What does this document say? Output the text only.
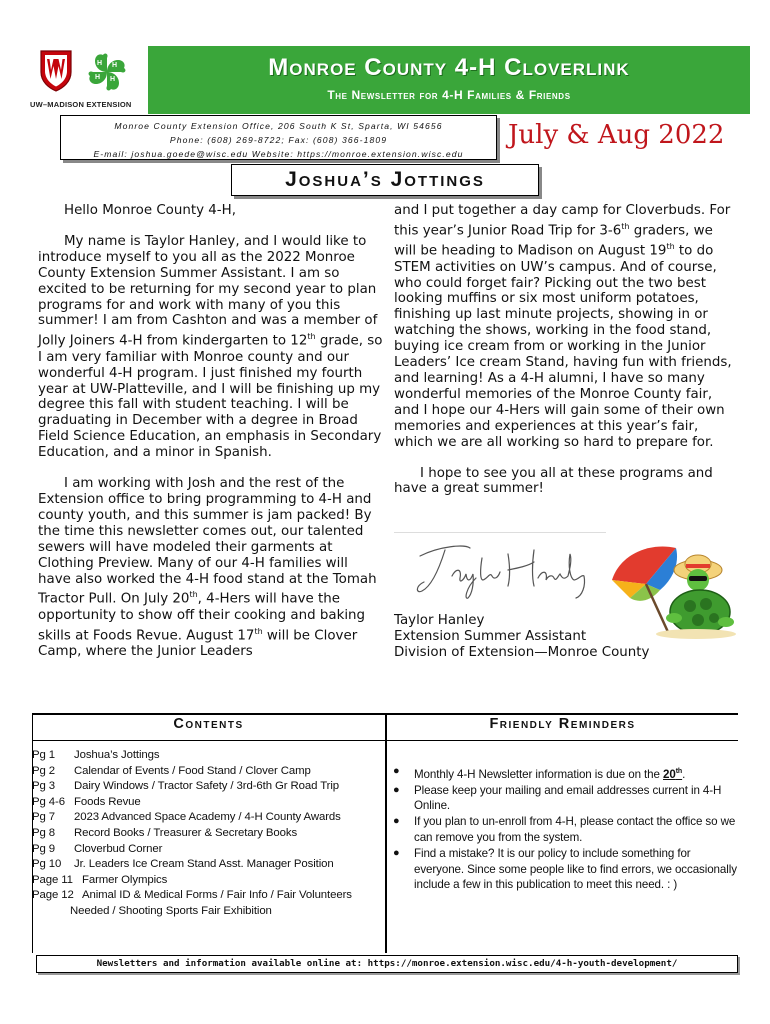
H H
H
H
UW–MADISON EXTENSION
Monroe County 4-H Cloverlink
The Newsletter for 4-H Families & Friends
Monroe County Extension Office, 206 South K St, Sparta, WI 54656
Phone: (608) 269-8722; Fax: (608) 366-1809
E-mail: joshua.goede@wisc.edu Website: https://monroe.extension.wisc.edu
July & Aug 2022
Joshua’s Jottings

Hello Monroe County 4-H,

My name is Taylor Hanley, and I would like to introduce myself to you all as the 2022 Monroe County Extension Summer Assistant. I am so excited to be returning for my second year to plan programs for and work with many of you this summer! I am from Cashton and was a member of Jolly Joiners 4-H from kindergarten to 12th grade, so I am very familiar with Monroe county and our wonderful 4-H program. I just finished my fourth year at UW-Platteville, and I will be finishing up my degree this fall with student teaching. I will be graduating in December with a degree in Broad Field Science Education, an emphasis in Secondary Education, and a minor in Spanish.

I am working with Josh and the rest of the Extension office to bring programming to 4-H and county youth, and this summer is jam packed! By the time this newsletter comes out, our talented sewers will have modeled their garments at Clothing Preview. Many of our 4-H families will have also worked the 4-H food stand at the Tomah Tractor Pull. On July 20th, 4-Hers will have the opportunity to show off their cooking and baking skills at Foods Revue. August 17th will be Clover Camp, where the Junior Leaders

and I put together a day camp for Cloverbuds. For this year’s Junior Road Trip for 3-6th graders, we will be heading to Madison on August 19th to do STEM activities on UW’s campus. And of course, who could forget fair? Picking out the two best looking muffins or six most uniform potatoes, finishing up last minute projects, showing in or watching the shows, working in the food stand, buying ice cream from or working in the Junior Leaders’ Ice cream Stand, having fun with friends, and learning! As a 4-H alumni, I have so many wonderful memories of the Monroe County fair, and I hope our 4-Hers will gain some of their own memories and experiences at this year’s fair, which we are all working so hard to prepare for.

I hope to see you all at these programs and have a great summer!

Taylor Hanley
Extension Summer Assistant
Division of Extension—Monroe County
Contents	Friendly Reminders
Pg 1	Joshua’s Jottings
Pg 2	Calendar of Events / Food Stand / Clover Camp
Pg 3	Dairy Windows / Tractor Safety / 3rd-6th Gr Road Trip
Pg 4-6 Foods Revue
Pg 7	2023 Advanced Space Academy / 4-H County Awards
Pg 8	Record Books / Treasurer & Secretary Books
Pg 9	Cloverbud Corner
Pg 10	Jr. Leaders Ice Cream Stand Asst. Manager Position
Page 11 Farmer Olympics
Page 12 Animal ID & Medical Forms / Fair Info / Fair Volunteers
Needed / Shooting Sports Fair Exhibition
● Monthly 4-H Newsletter information is due on the 20th.
● Please keep your mailing and email addresses current in 4-H Online.
● If you plan to un-enroll from 4-H, please contact the office so we can remove you from the system.
● Find a mistake? It is our policy to include something for everyone. Since some people like to find errors, we occasionally include a few in this publication to meet this need. : )
Newsletters and information available online at: https://monroe.extension.wisc.edu/4-h-youth-development/
